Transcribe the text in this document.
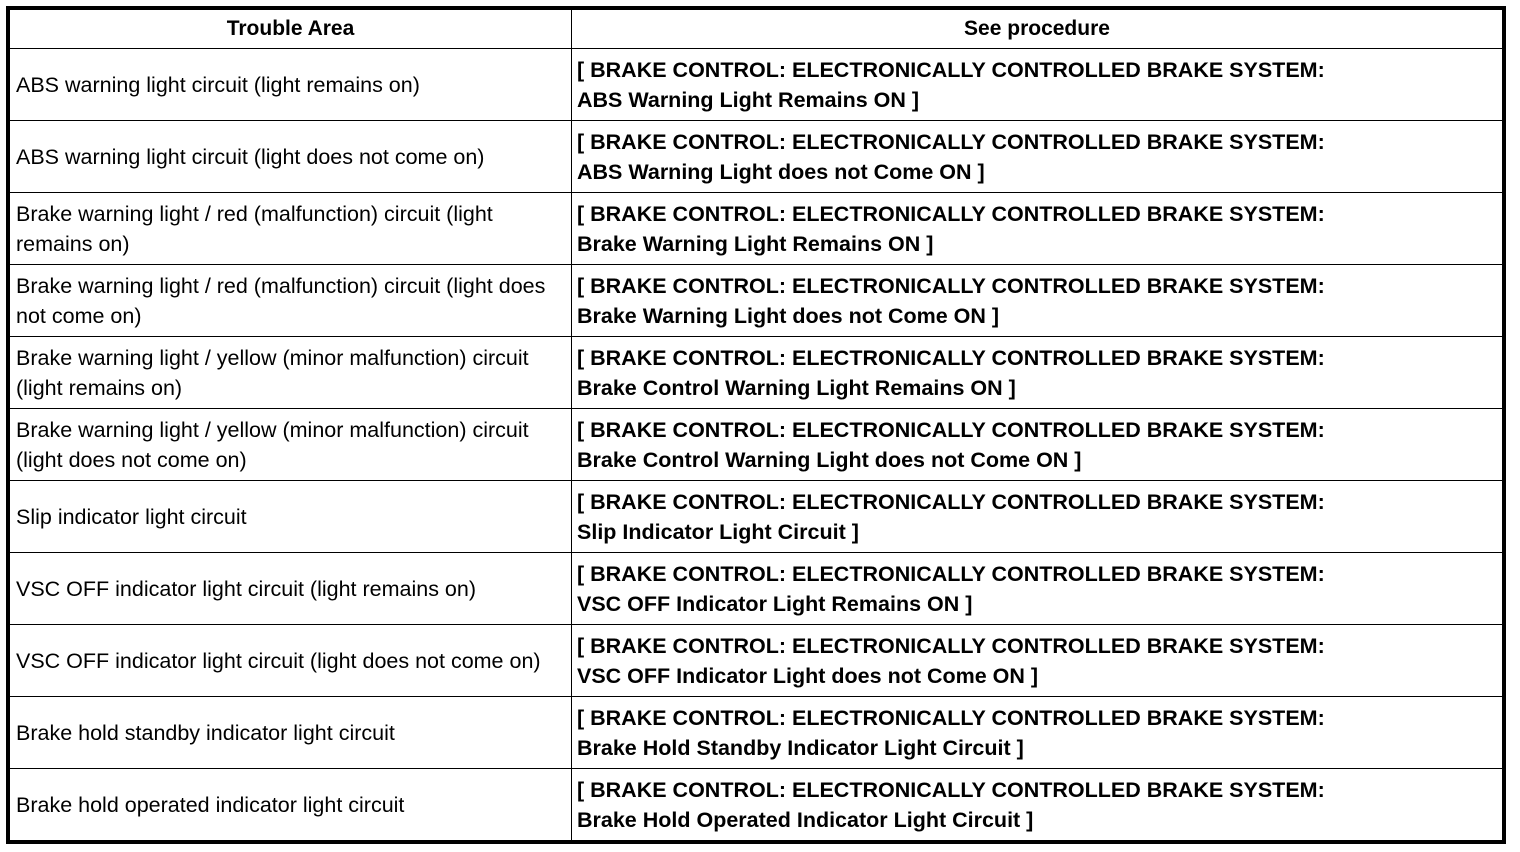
Trouble Area	See procedure
ABS warning light circuit (light remains on)	[ BRAKE CONTROL: ELECTRONICALLY CONTROLLED BRAKE SYSTEM:
ABS Warning Light Remains ON ]

ABS warning light circuit (light does not come on)	[ BRAKE CONTROL: ELECTRONICALLY CONTROLLED BRAKE SYSTEM:
ABS Warning Light does not Come ON ]

Brake warning light / red (malfunction) circuit (light remains on)	[ BRAKE CONTROL: ELECTRONICALLY CONTROLLED BRAKE SYSTEM:
Brake Warning Light Remains ON ]

Brake warning light / red (malfunction) circuit (light does not come on)	[ BRAKE CONTROL: ELECTRONICALLY CONTROLLED BRAKE SYSTEM:
Brake Warning Light does not Come ON ]

Brake warning light / yellow (minor malfunction) circuit (light remains on)	[ BRAKE CONTROL: ELECTRONICALLY CONTROLLED BRAKE SYSTEM:
Brake Control Warning Light Remains ON ]

Brake warning light / yellow (minor malfunction) circuit (light does not come on)	[ BRAKE CONTROL: ELECTRONICALLY CONTROLLED BRAKE SYSTEM:
Brake Control Warning Light does not Come ON ]

Slip indicator light circuit	[ BRAKE CONTROL: ELECTRONICALLY CONTROLLED BRAKE SYSTEM:
Slip Indicator Light Circuit ]

VSC OFF indicator light circuit (light remains on)	[ BRAKE CONTROL: ELECTRONICALLY CONTROLLED BRAKE SYSTEM:
VSC OFF Indicator Light Remains ON ]

VSC OFF indicator light circuit (light does not come on)	[ BRAKE CONTROL: ELECTRONICALLY CONTROLLED BRAKE SYSTEM:
VSC OFF Indicator Light does not Come ON ]

Brake hold standby indicator light circuit	[ BRAKE CONTROL: ELECTRONICALLY CONTROLLED BRAKE SYSTEM:
Brake Hold Standby Indicator Light Circuit ]

Brake hold operated indicator light circuit	[ BRAKE CONTROL: ELECTRONICALLY CONTROLLED BRAKE SYSTEM:
Brake Hold Operated Indicator Light Circuit ]
